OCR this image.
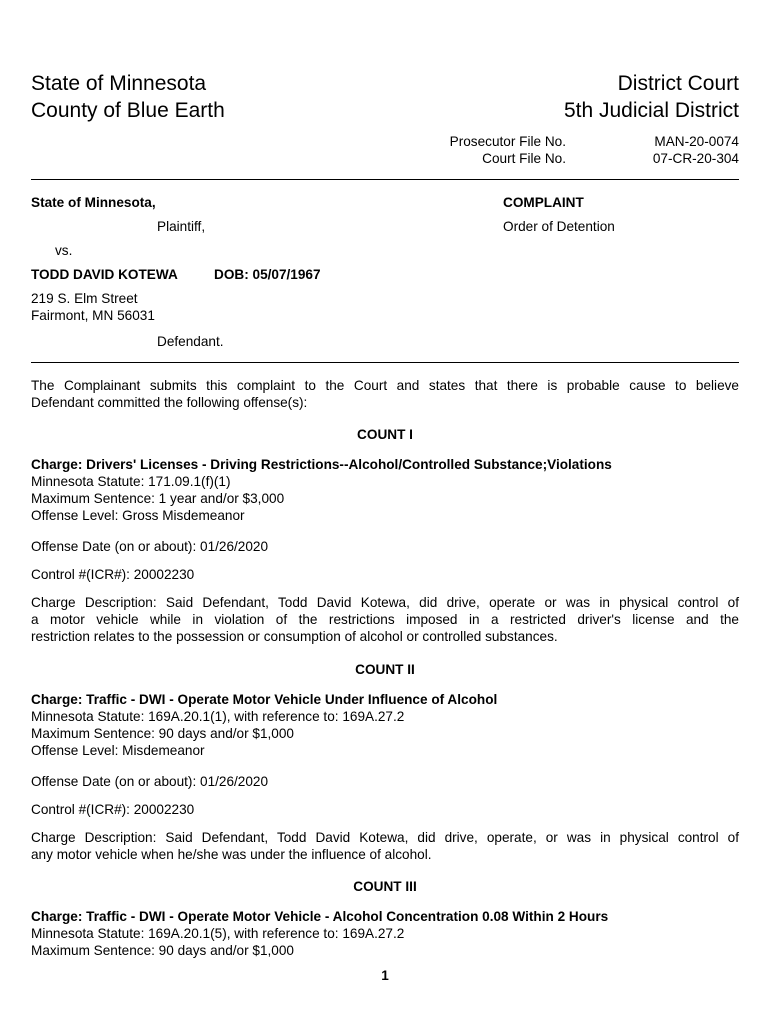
State of Minnesota
County of Blue Earth
District Court
5th Judicial District
Prosecutor File No.	MAN-20-0074
Court File No.	07-CR-20-304
State of Minnesota,
Plaintiff,
vs.
TODD DAVID KOTEWA	DOB: 05/07/1967
219 S. Elm Street
Fairmont, MN 56031
Defendant.
COMPLAINT
Order of Detention
The Complainant submits this complaint to the Court and states that there is probable cause to believe
Defendant committed the following offense(s):
COUNT I
Charge: Drivers' Licenses - Driving Restrictions--Alcohol/Controlled Substance;Violations
Minnesota Statute: 171.09.1(f)(1)
Maximum Sentence: 1 year and/or $3,000
Offense Level: Gross Misdemeanor
Offense Date (on or about): 01/26/2020
Control #(ICR#): 20002230
Charge Description: Said Defendant, Todd David Kotewa, did drive, operate or was in physical control of
a motor vehicle while in violation of the restrictions imposed in a restricted driver's license and the
restriction relates to the possession or consumption of alcohol or controlled substances.
COUNT II
Charge: Traffic - DWI - Operate Motor Vehicle Under Influence of Alcohol
Minnesota Statute: 169A.20.1(1), with reference to: 169A.27.2
Maximum Sentence: 90 days and/or $1,000
Offense Level: Misdemeanor
Offense Date (on or about): 01/26/2020
Control #(ICR#): 20002230
Charge Description: Said Defendant, Todd David Kotewa, did drive, operate, or was in physical control of
any motor vehicle when he/she was under the influence of alcohol.
COUNT III
Charge: Traffic - DWI - Operate Motor Vehicle - Alcohol Concentration 0.08 Within 2 Hours
Minnesota Statute: 169A.20.1(5), with reference to: 169A.27.2
Maximum Sentence: 90 days and/or $1,000
1
